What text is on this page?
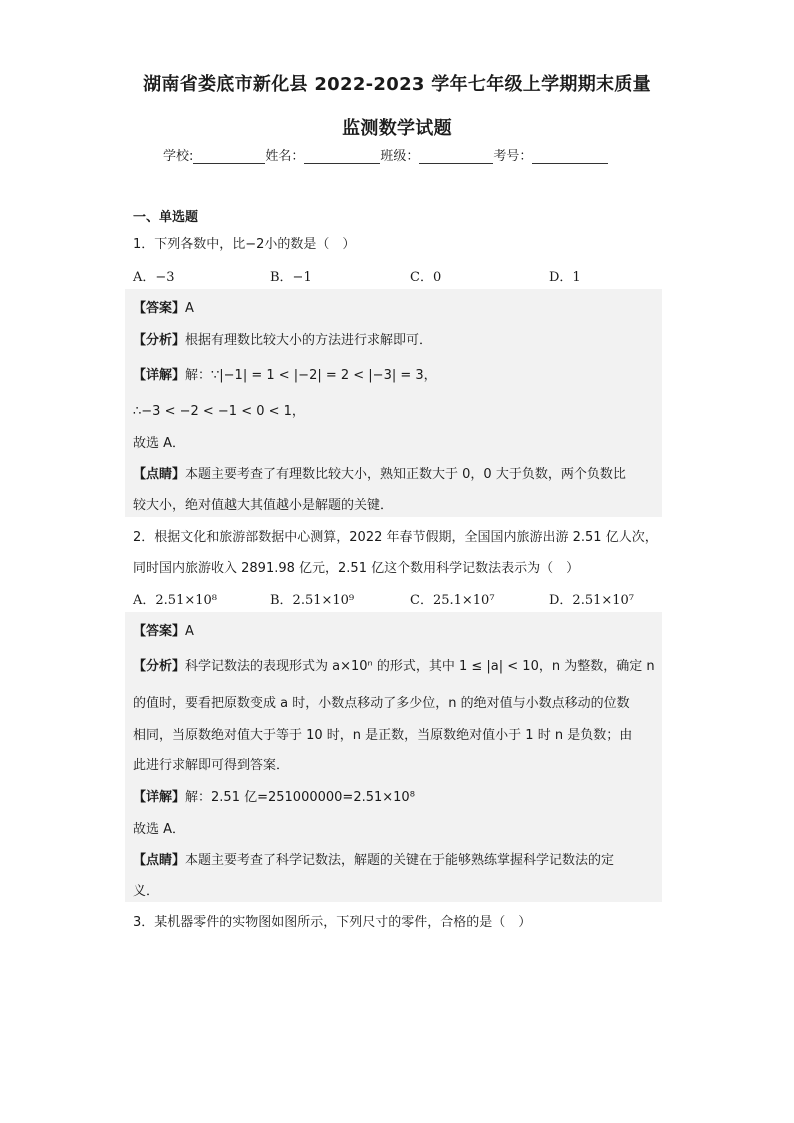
湖南省娄底市新化县 2022-2023 学年七年级上学期期末质量
监测数学试题
学校:	姓名：	班级：	考号：
一、单选题
1．下列各数中，比−2小的数是（　）
A．−3	B．−1	C．0	D．1
【答案】A
【分析】根据有理数比较大小的方法进行求解即可．
【详解】解：∵|−1| = 1 < |−2| = 2 < |−3| = 3，
∴−3 < −2 < −1 < 0 < 1，
故选 A．
【点睛】本题主要考查了有理数比较大小，熟知正数大于 0，0 大于负数，两个负数比
较大小，绝对值越大其值越小是解题的关键．
2．根据文化和旅游部数据中心测算，2022 年春节假期，全国国内旅游出游 2.51 亿人次，
同时国内旅游收入 2891.98 亿元，2.51 亿这个数用科学记数法表示为（　）
A．2.51×10⁸	B．2.51×10⁹	C．25.1×10⁷	D．2.51×10⁷
【答案】A
【分析】科学记数法的表现形式为 a×10ⁿ 的形式，其中 1 ≤ |a| < 10，n 为整数，确定 n
的值时，要看把原数变成 a 时，小数点移动了多少位，n 的绝对值与小数点移动的位数
相同，当原数绝对值大于等于 10 时，n 是正数，当原数绝对值小于 1 时 n 是负数；由
此进行求解即可得到答案．
【详解】解：2.51 亿=251000000=2.51×10⁸
故选 A．
【点睛】本题主要考查了科学记数法，解题的关键在于能够熟练掌握科学记数法的定
义．
3．某机器零件的实物图如图所示，下列尺寸的零件，合格的是（　）
